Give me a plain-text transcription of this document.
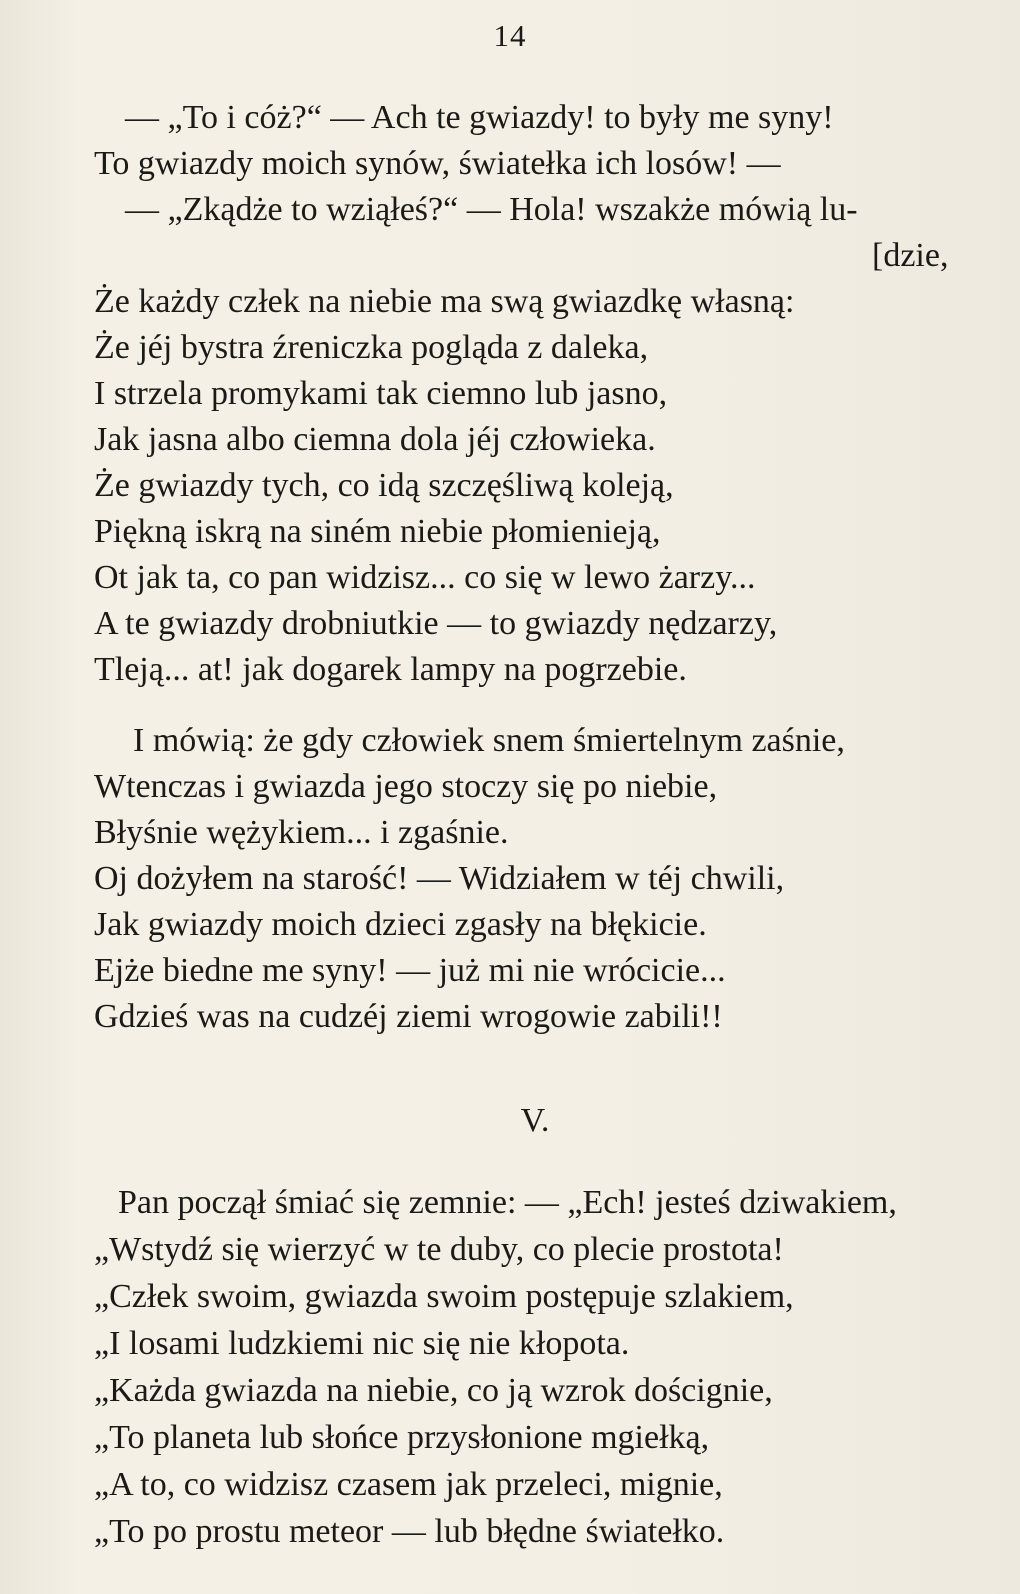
14
— „To i cóż?“ — Ach te gwiazdy! to były me syny!
To gwiazdy moich synów, światełka ich losów! —
— „Zkądże to wziąłeś?“ — Hola! wszakże mówią lu-
[dzie,
Że każdy człek na niebie ma swą gwiazdkę własną:
Że jéj bystra źreniczka pogląda z daleka,
I strzela promykami tak ciemno lub jasno,
Jak jasna albo ciemna dola jéj człowieka.
Że gwiazdy tych, co idą szczęśliwą koleją,
Piękną iskrą na siném niebie płomienieją,
Ot jak ta, co pan widzisz... co się w lewo żarzy...
A te gwiazdy drobniutkie — to gwiazdy nędzarzy,
Tleją... at! jak dogarek lampy na pogrzebie.
I mówią: że gdy człowiek snem śmiertelnym zaśnie,
Wtenczas i gwiazda jego stoczy się po niebie,
Błyśnie wężykiem... i zgaśnie.
Oj dożyłem na starość! — Widziałem w téj chwili,
Jak gwiazdy moich dzieci zgasły na błękicie.
Ejże biedne me syny! — już mi nie wrócicie...
Gdzieś was na cudzéj ziemi wrogowie zabili!!
V.
Pan począł śmiać się zemnie: — „Ech! jesteś dziwakiem,
„Wstydź się wierzyć w te duby, co plecie prostota!
„Człek swoim, gwiazda swoim postępuje szlakiem,
„I losami ludzkiemi nic się nie kłopota.
„Każda gwiazda na niebie, co ją wzrok doścignie,
„To planeta lub słońce przysłonione mgiełką,
„A to, co widzisz czasem jak przeleci, mignie,
„To po prostu meteor — lub błędne światełko.
